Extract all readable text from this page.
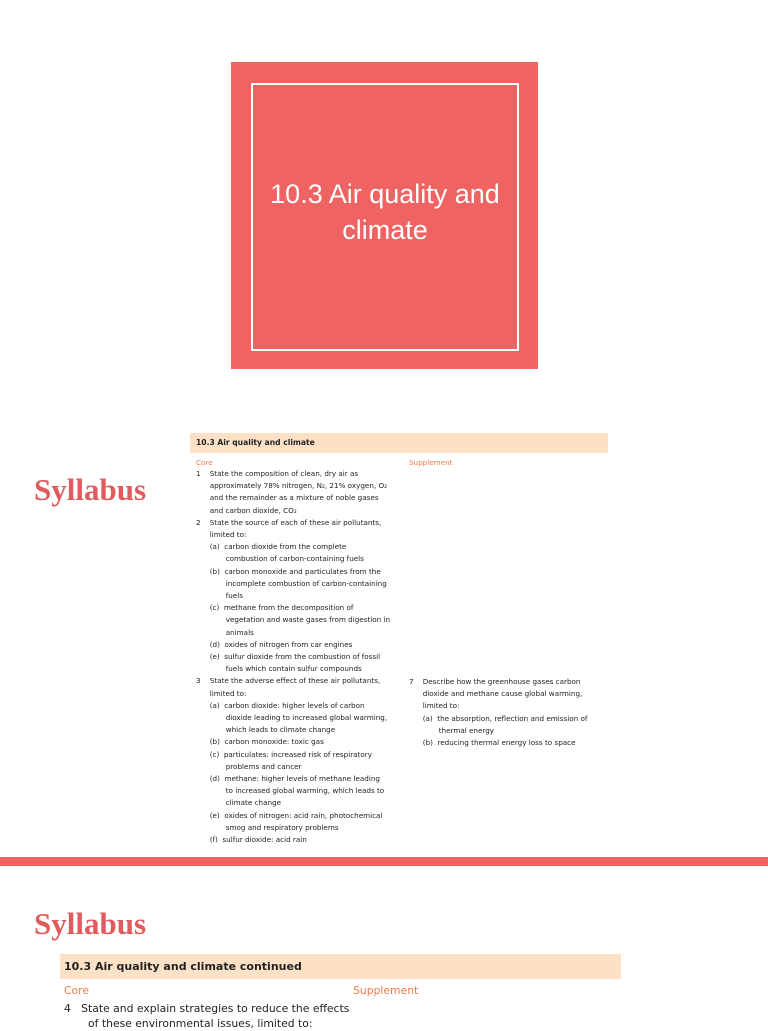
10.3 Air quality and climate
Syllabus
10.3 Air quality and climate
Core	Supplement
1    State the composition of clean, dry air as
approximately 78% nitrogen, N₂, 21% oxygen, O₂
and the remainder as a mixture of noble gases
and carbon dioxide, CO₂
2    State the source of each of these air pollutants,
limited to:
(a)  carbon dioxide from the complete
combustion of carbon-containing fuels
(b)  carbon monoxide and particulates from the
incomplete combustion of carbon-containing
fuels
(c)  methane from the decomposition of
vegetation and waste gases from digestion in
animals
(d)  oxides of nitrogen from car engines
(e)  sulfur dioxide from the combustion of fossil
fuels which contain sulfur compounds
3    State the adverse effect of these air pollutants,
limited to:
(a)  carbon dioxide: higher levels of carbon
dioxide leading to increased global warming,
which leads to climate change
(b)  carbon monoxide: toxic gas
(c)  particulates: increased risk of respiratory
problems and cancer
(d)  methane: higher levels of methane leading
to increased global warming, which leads to
climate change
(e)  oxides of nitrogen: acid rain, photochemical
smog and respiratory problems
(f)  sulfur dioxide: acid rain
7    Describe how the greenhouse gases carbon
dioxide and methane cause global warming,
limited to:
(a)  the absorption, reflection and emission of
thermal energy
(b)  reducing thermal energy loss to space
Syllabus
10.3 Air quality and climate continued
Core	Supplement
4   State and explain strategies to reduce the effects
of these environmental issues, limited to:
